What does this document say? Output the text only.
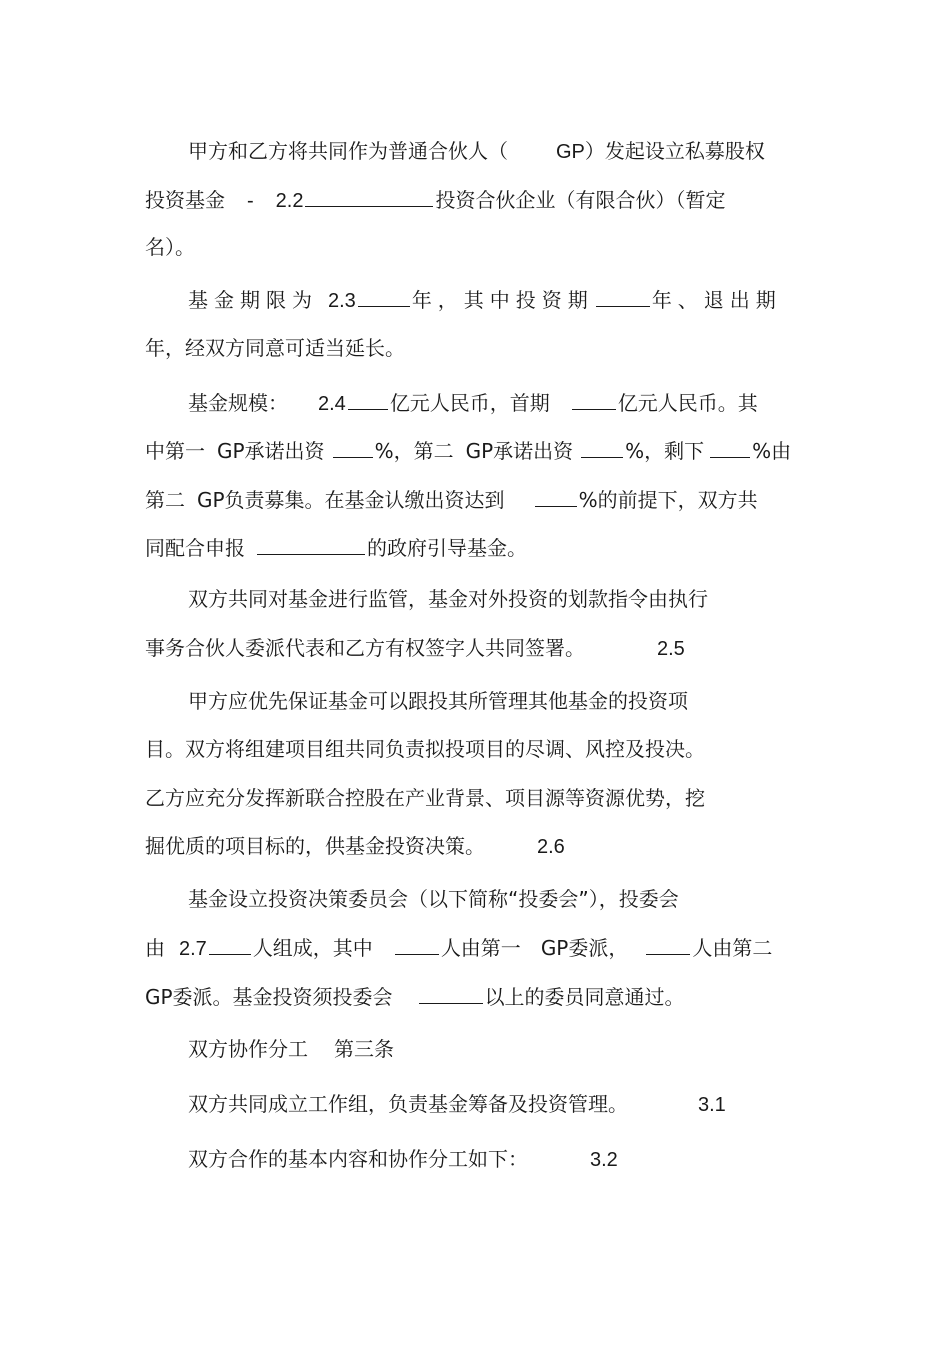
甲方和乙方将共同作为普通合伙人（ GP）发起设立私募股权
投资基金 - 2.2	投资合伙企业（有限合伙）（暂定
名）。
基金期限为 2.3	年，其中投资期	年、退出期
年，经双方同意可适当延长。
基金规模： 2.4 亿元人民币，首期	亿元人民币。其
中第一 GP承诺出资	%，第二 GP承诺出资	%，剩下 %由
第二 GP负责募集。在基金认缴出资达到	%的前提下，双方共
同配合申报	的政府引导基金。
双方共同对基金进行监管，基金对外投资的划款指令由执行
事务合伙人委派代表和乙方有权签字人共同签署。	2.5
甲方应优先保证基金可以跟投其所管理其他基金的投资项
目。双方将组建项目组共同负责拟投项目的尽调、风控及投决。
乙方应充分发挥新联合控股在产业背景、项目源等资源优势，挖
掘优质的项目标的，供基金投资决策。	2.6
基金设立投资决策委员会（以下简称“投委会”），投委会
由 2.7 人组成，其中	人由第一 GP委派，	人由第二
GP委派。基金投资须投委会	以上的委员同意通过。
双方协作分工 第三条
双方共同成立工作组，负责基金筹备及投资管理。	3.1
双方合作的基本内容和协作分工如下：	3.2
